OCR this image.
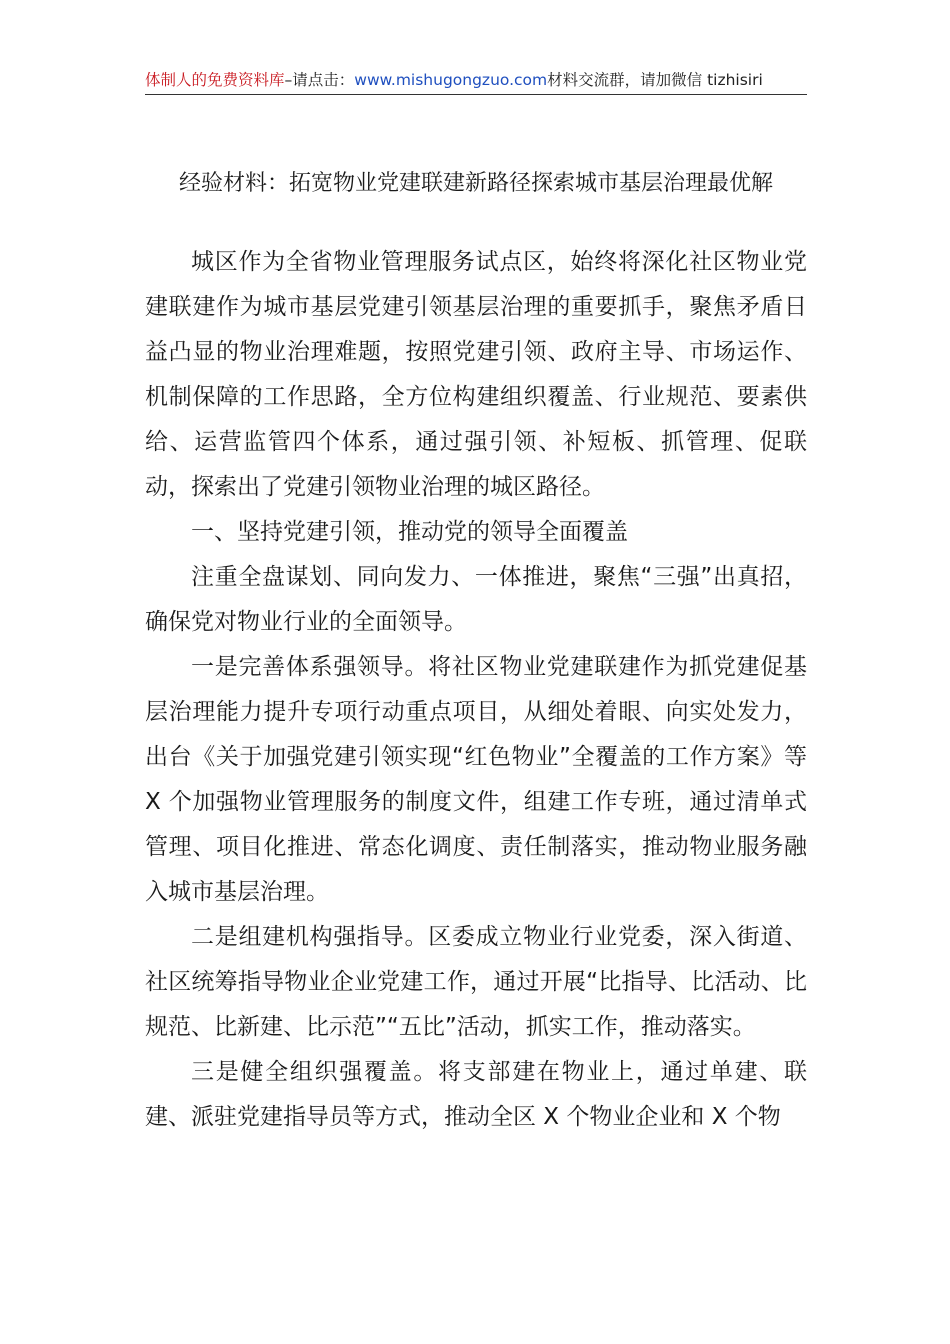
体制人的免费资料库–请点击：www.mishugongzuo.com材料交流群，请加微信 tizhisiri
经验材料：拓宽物业党建联建新路径探索城市基层治理最优解

城区作为全省物业管理服务试点区，始终将深化社区物业党建联建作为城市基层党建引领基层治理的重要抓手，聚焦矛盾日益凸显的物业治理难题，按照党建引领、政府主导、市场运作、机制保障的工作思路，全方位构建组织覆盖、行业规范、要素供给、运营监管四个体系，通过强引领、补短板、抓管理、促联动，探索出了党建引领物业治理的城区路径。

一、坚持党建引领，推动党的领导全面覆盖

注重全盘谋划、同向发力、一体推进，聚焦“三强”出真招，确保党对物业行业的全面领导。

一是完善体系强领导。将社区物业党建联建作为抓党建促基层治理能力提升专项行动重点项目，从细处着眼、向实处发力，出台《关于加强党建引领实现“红色物业”全覆盖的工作方案》等 X 个加强物业管理服务的制度文件，组建工作专班，通过清单式管理、项目化推进、常态化调度、责任制落实，推动物业服务融入城市基层治理。

二是组建机构强指导。区委成立物业行业党委，深入街道、社区统筹指导物业企业党建工作，通过开展“比指导、比活动、比规范、比新建、比示范”“五比”活动，抓实工作，推动落实。

三是健全组织强覆盖。将支部建在物业上，通过单建、联建、派驻党建指导员等方式，推动全区 X 个物业企业和 X 个物
